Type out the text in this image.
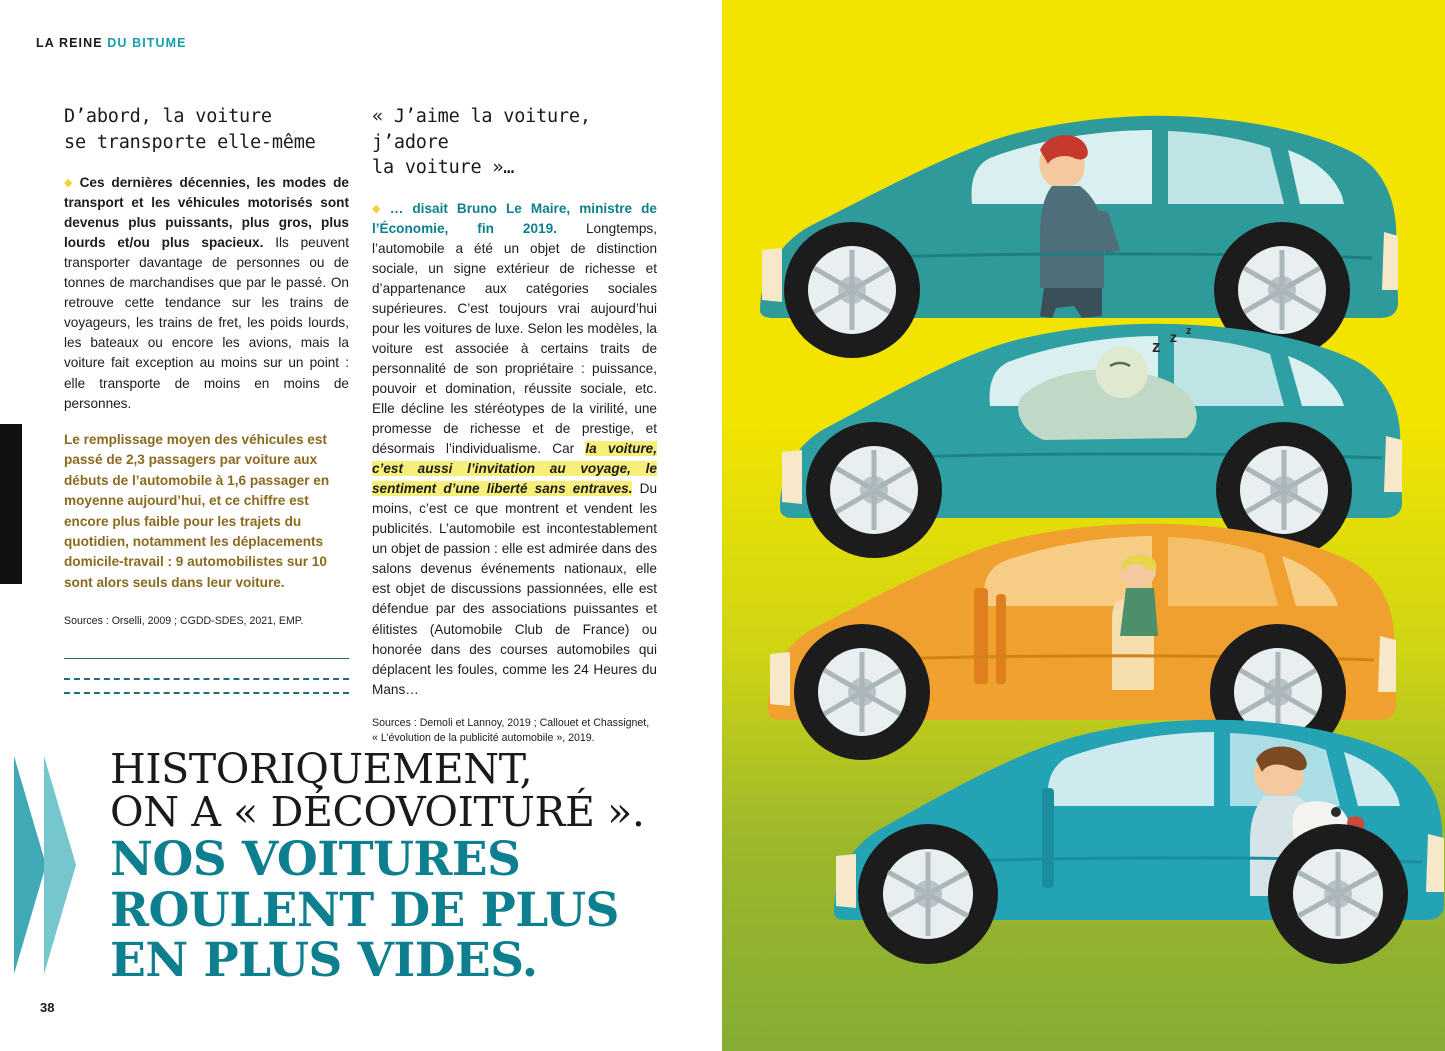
LA REINE DU BITUME
D’abord, la voiture
se transporte elle-même

◆ Ces dernières décennies, les modes de transport et les véhicules motorisés sont devenus plus puissants, plus gros, plus lourds et/ou plus spacieux. Ils peuvent transporter davantage de personnes ou de tonnes de marchandises que par le passé. On retrouve cette tendance sur les trains de voyageurs, les trains de fret, les poids lourds, les bateaux ou encore les avions, mais la voiture fait exception au moins sur un point : elle transporte de moins en moins de personnes.

Le remplissage moyen des véhicules est passé de 2,3 passagers par voiture aux débuts de l’automobile à 1,6 passager en moyenne aujourd’hui, et ce chiffre est encore plus faible pour les trajets du quotidien, notamment les déplacements domicile-travail : 9 automobilistes sur 10 sont alors seuls dans leur voiture.
Sources : Orselli, 2009 ; CGDD-SDES, 2021, EMP.
« J’aime la voiture, j’adore
la voiture »…

◆ … disait Bruno Le Maire, ministre de l’Économie, fin 2019. Longtemps, l’automobile a été un objet de distinction sociale, un signe extérieur de richesse et d’appartenance aux catégories sociales supérieures. C’est toujours vrai aujourd’hui pour les voitures de luxe. Selon les modèles, la voiture est associée à certains traits de personnalité de son propriétaire : puissance, pouvoir et domination, réussite sociale, etc. Elle décline les stéréotypes de la virilité, une promesse de richesse et de prestige, et désormais l’individualisme. Car la voiture, c’est aussi l’invitation au voyage, le sentiment d’une liberté sans entraves. Du moins, c’est ce que montrent et vendent les publicités. L’automobile est incontestablement un objet de passion : elle est admirée dans des salons devenus événements nationaux, elle est objet de discussions passionnées, elle est défendue par des associations puissantes et élitistes (Automobile Club de France) ou honorée dans des courses automobiles qui déplacent les foules, comme les 24 Heures du Mans…

Sources : Demoli et Lannoy, 2019 ; Callouet et Chassignet, « L’évolution de la publicité automobile », 2019.
HISTORIQUEMENT,
ON A « DÉCOVOITURÉ ».
NOS VOITURES
ROULENT DE PLUS
EN PLUS VIDES.
38
z z z
